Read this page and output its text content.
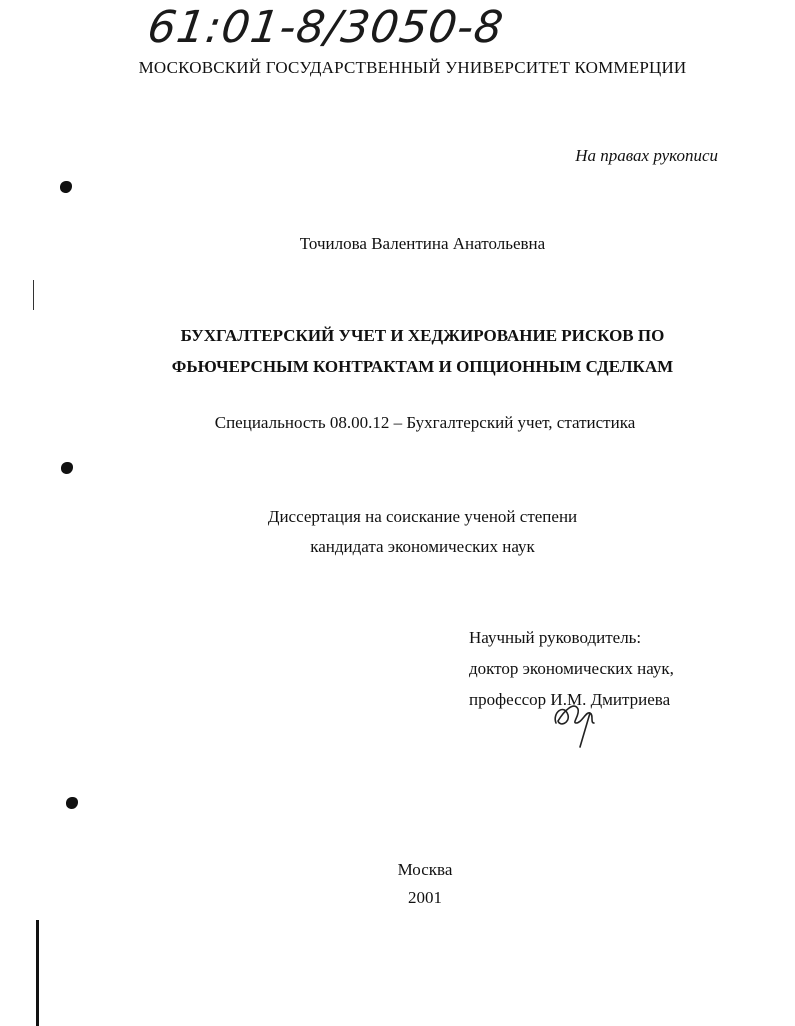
61:01-8/3050-8
МОСКОВСКИЙ ГОСУДАРСТВЕННЫЙ УНИВЕРСИТЕТ КОММЕРЦИИ
На правах рукописи
Точилова Валентина Анатольевна
БУХГАЛТЕРСКИЙ УЧЕТ И ХЕДЖИРОВАНИЕ РИСКОВ ПО
ФЬЮЧЕРСНЫМ КОНТРАКТАМ И ОПЦИОННЫМ СДЕЛКАМ
Специальность 08.00.12 – Бухгалтерский учет, статистика
Диссертация на соискание ученой степени
кандидата экономических наук
Научный руководитель:
доктор экономических наук,
профессор И.М. Дмитриева
Москва
2001
